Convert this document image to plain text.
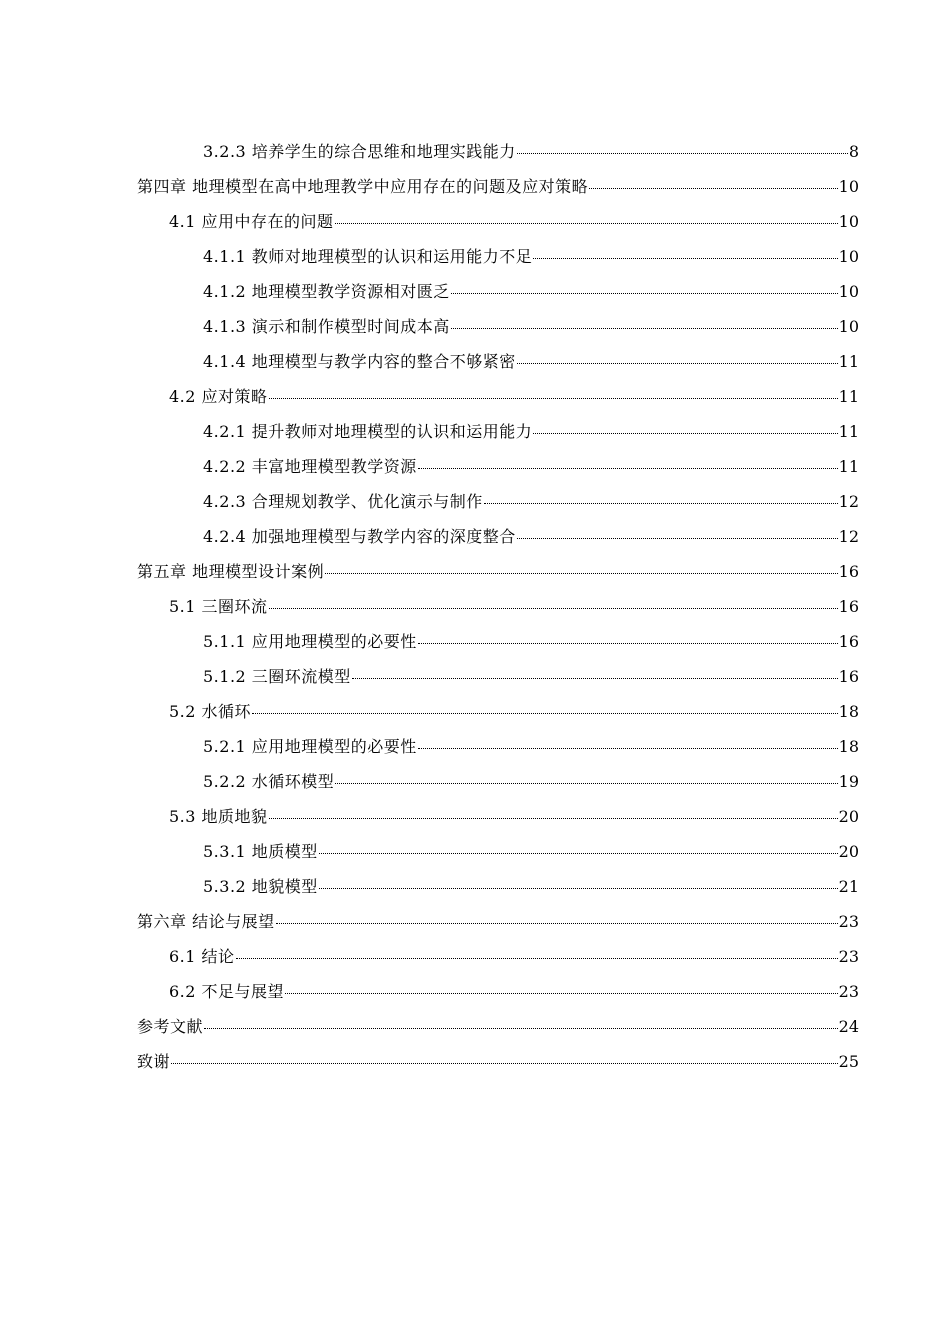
3.2.3 培养学生的综合思维和地理实践能力	8
第四章 地理模型在高中地理教学中应用存在的问题及应对策略	10
4.1 应用中存在的问题	10
4.1.1 教师对地理模型的认识和运用能力不足	10
4.1.2 地理模型教学资源相对匮乏	10
4.1.3 演示和制作模型时间成本高	10
4.1.4 地理模型与教学内容的整合不够紧密	11
4.2 应对策略	11
4.2.1 提升教师对地理模型的认识和运用能力	11
4.2.2 丰富地理模型教学资源	11
4.2.3 合理规划教学、优化演示与制作	12
4.2.4 加强地理模型与教学内容的深度整合	12
第五章 地理模型设计案例	16
5.1 三圈环流	16
5.1.1 应用地理模型的必要性	16
5.1.2 三圈环流模型	16
5.2 水循环	18
5.2.1 应用地理模型的必要性	18
5.2.2 水循环模型	19
5.3 地质地貌	20
5.3.1 地质模型	20
5.3.2 地貌模型	21
第六章 结论与展望	23
6.1 结论	23
6.2 不足与展望	23
参考文献	24
致谢	25
